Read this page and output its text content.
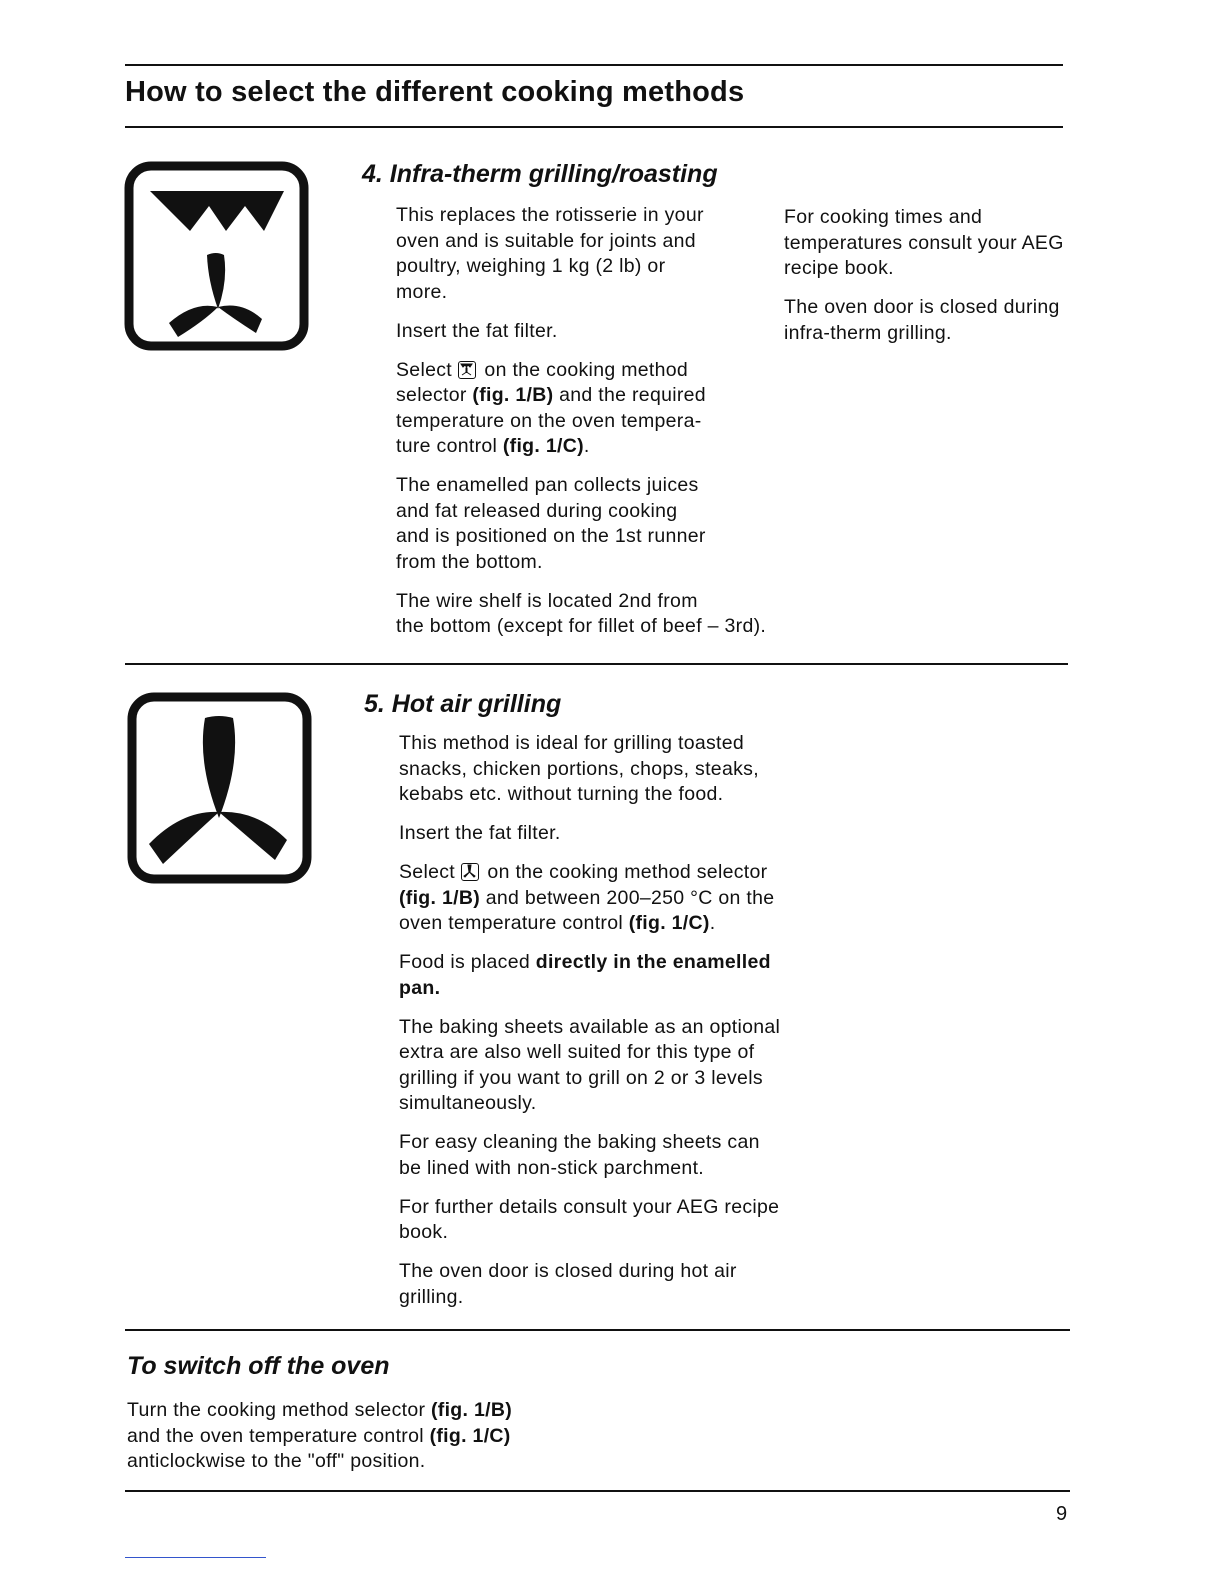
How to select the different cooking methods
4. Infra-therm grilling/roasting

This replaces the rotisserie in your
oven and is suitable for joints and
poultry, weighing 1 kg (2 lb) or
more.

Insert the fat filter.

Select
on the cooking method
selector (fig. 1/B) and the required
temperature on the oven tempera-
ture control (fig. 1/C).

The enamelled pan collects juices
and fat released during cooking
and is positioned on the 1st runner
from the bottom.

The wire shelf is located 2nd from
the bottom (except for fillet of beef – 3rd).

For cooking times and
temperatures consult your AEG
recipe book.

The oven door is closed during
infra-therm grilling.

5. Hot air grilling

This method is ideal for grilling toasted
snacks, chicken portions, chops, steaks,
kebabs etc. without turning the food.

Insert the fat filter.

Select
on the cooking method selector
(fig. 1/B) and between 200–250 °C on the
oven temperature control (fig. 1/C).

Food is placed directly in the enamelled
pan.

The baking sheets available as an optional
extra are also well suited for this type of
grilling if you want to grill on 2 or 3 levels
simultaneously.

For easy cleaning the baking sheets can
be lined with non-stick parchment.

For further details consult your AEG recipe
book.

The oven door is closed during hot air
grilling.

To switch off the oven

Turn the cooking method selector (fig. 1/B)
and the oven temperature control (fig. 1/C)
anticlockwise to the "off" position.

9
